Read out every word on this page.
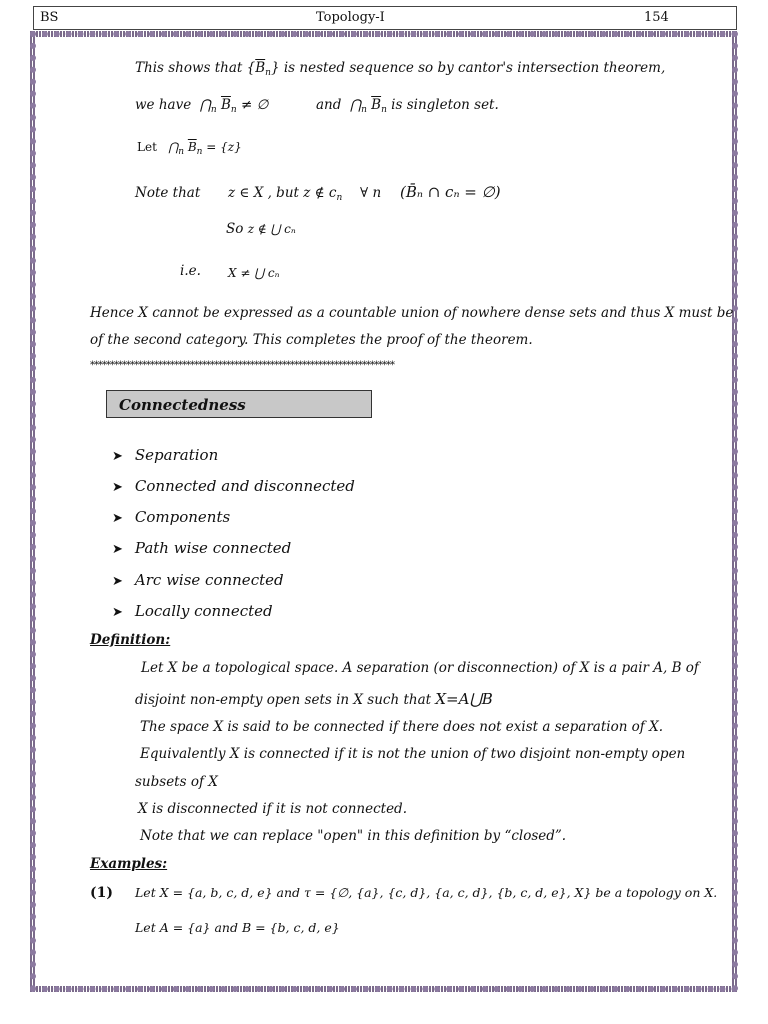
BS	Topology-I	154
This shows that $\{\overline{B}_n\}$ is nested sequence so by cantor's intersection theorem,
we have  $⋂_n$ $\overline{B}_n$ ≠ ∅	and  $⋂_n$ $\overline{B}_n$ is singleton set.
Let   $⋂_n$ $\overline{B}_n = \{z\}$
Note that z ∈ X , but z ∉ $c_n$ ∀ n (B̄ₙ ∩ cₙ = ∅)
So z ∉ ⋃ cₙ
i.e. X ≠ ⋃ cₙ
Hence X cannot be expressed as a countable union of nowhere dense sets and thus X must be
of the second category. This completes the proof of the theorem.
****************************************************************************
Connectedness
➤ Separation
➤ Connected and disconnected
➤ Components
➤ Path wise connected
➤ Arc wise connected
➤ Locally connected
Definition:
Let X be a topological space. A separation (or disconnection) of X is a pair A, B of
disjoint non-empty open sets in X such that X=A⋃B
The space X is said to be connected if there does not exist a separation of X.
Equivalently X is connected if it is not the union of two disjoint non-empty open
subsets of X
X is disconnected if it is not connected.
Note that we can replace "open" in this definition by “closed”.
Examples:
(1) Let X = {a, b, c, d, e} and τ = {∅, {a}, {c, d}, {a, c, d}, {b, c, d, e}, X} be a topology on X.
Let A = {a} and B = {b, c, d, e}
